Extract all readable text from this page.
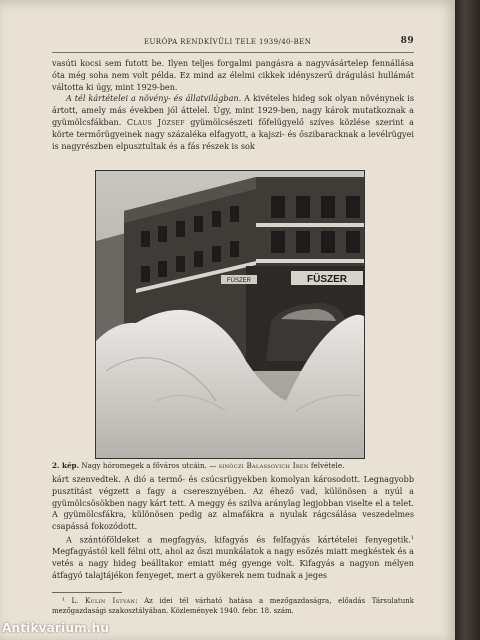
EURÓPA RENDKÍVÜLI TELE 1939/40-BEN	89

vasúti kocsi sem futott be. Ilyen teljes forgalmi pangásra a nagyvásártelep fennállása óta még soha nem volt példa. Ez mind az élelmi cikkek idényszerű drágulási hullámát váltotta ki úgy, mint 1929-ben.

A tél kártételei a növény- és állatvilágban. A kivételes hideg sok olyan növénynek is ártott, amely más években jól áttelel. Úgy, mint 1929-ben, nagy károk mutatkoznak a gyümölcsfákban. Claus József gyümölcsészeti főfelügyelő szíves közlése szerint a körte termőrügyeinek nagy százaléka elfagyott, a kajszi- és őszibaracknak a levélrügyei is nagyrészben elpusztultak és a fás részek is sok

FÜSZER
FÜSZER
2. kép. Nagy hóromegek a főváros utcáin. — sinóczi Balassovich Iren felvétele.

kárt szenvedtek. A dió a termő- és csúcsrügyekben komolyan károsodott. Legnagyobb pusztítást végzett a fagy a cseresznyében. Az éhező vad, különösen a nyúl a gyümölcsösökben nagy kárt tett. A meggy és szilva aránylag legjobban viselte el a telet. A gyümölcsfákra, különösen pedig az almafákra a nyulak rágcsálása veszedelmes csapássá fokozódott.

A szántóföldeket a megfagyás, kifagyás és felfagyás kártételei fenyegetik.$^1$ Megfagyástól kell félni ott, ahol az őszi munkálatok a nagy esőzés miatt megkéstek és a vetés a nagy hideg beálltakor emiatt még gyenge volt. Kifagyás a nagyon mélyen átfagyó talajtájékon fenyeget, mert a gyökerek nem tudnak a jeges

¹ L. Kulin István: Az idei tél várható hatása a mezőgazdaságra, előadás Társulatunk mezőgazdasági szakosztályában. Közlemények 1940. febr. 18. szám.

Antikvarium.hu
